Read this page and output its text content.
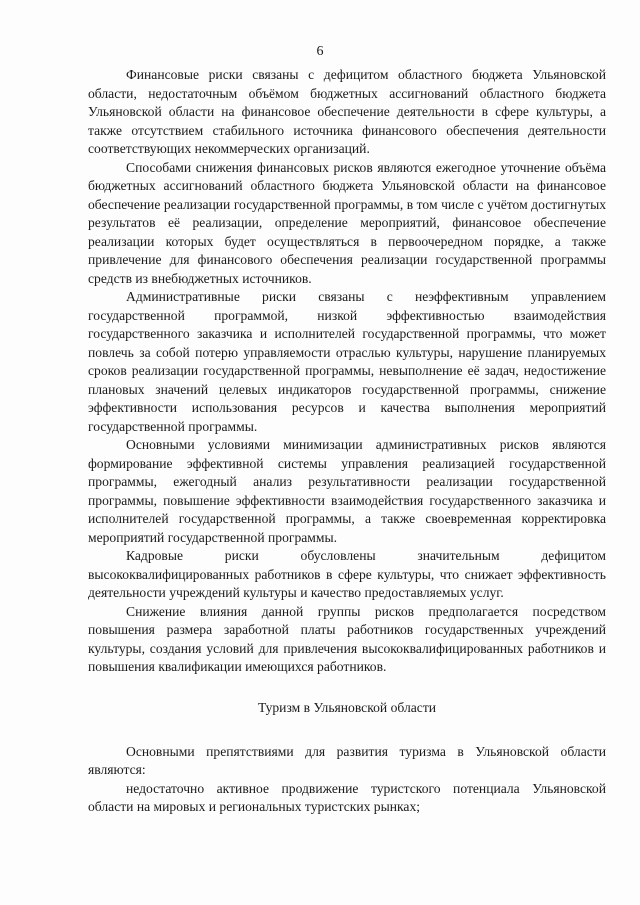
6

Финансовые риски связаны с дефицитом областного бюджета Ульяновской области, недостаточным объёмом бюджетных ассигнований областного бюджета Ульяновской области на финансовое обеспечение деятельности в сфере культуры, а также отсутствием стабильного источника финансового обеспечения деятельности соответствующих некоммерческих организаций.

Способами снижения финансовых рисков являются ежегодное уточнение объёма бюджетных ассигнований областного бюджета Ульяновской области на финансовое обеспечение реализации государственной программы, в том числе с учётом достигнутых результатов её реализации, определение мероприятий, финансовое обеспечение реализации которых будет осуществляться в первоочередном порядке, а также привлечение для финансового обеспечения реализации государственной программы средств из внебюджетных источников.

Административные риски связаны с неэффективным управлением государственной программой, низкой эффективностью взаимодействия государственного заказчика и исполнителей государственной программы, что может повлечь за собой потерю управляемости отраслью культуры, нарушение планируемых сроков реализации государственной программы, невыполнение её задач, недостижение плановых значений целевых индикаторов государственной программы, снижение эффективности использования ресурсов и качества выполнения мероприятий государственной программы.

Основными условиями минимизации административных рисков являются формирование эффективной системы управления реализацией государственной программы, ежегодный анализ результативности реализации государственной программы, повышение эффективности взаимодействия государственного заказчика и исполнителей государственной программы, а также своевременная корректировка мероприятий государственной программы.

Кадровые риски обусловлены значительным дефицитом высококвалифицированных работников в сфере культуры, что снижает эффективность деятельности учреждений культуры и качество предоставляемых услуг.

Снижение влияния данной группы рисков предполагается посредством повышения размера заработной платы работников государственных учреждений культуры, создания условий для привлечения высококвалифицированных работников и повышения квалификации имеющихся работников.

Туризм в Ульяновской области

Основными препятствиями для развития туризма в Ульяновской области являются:

недостаточно активное продвижение туристского потенциала Ульяновской области на мировых и региональных туристских рынках;
